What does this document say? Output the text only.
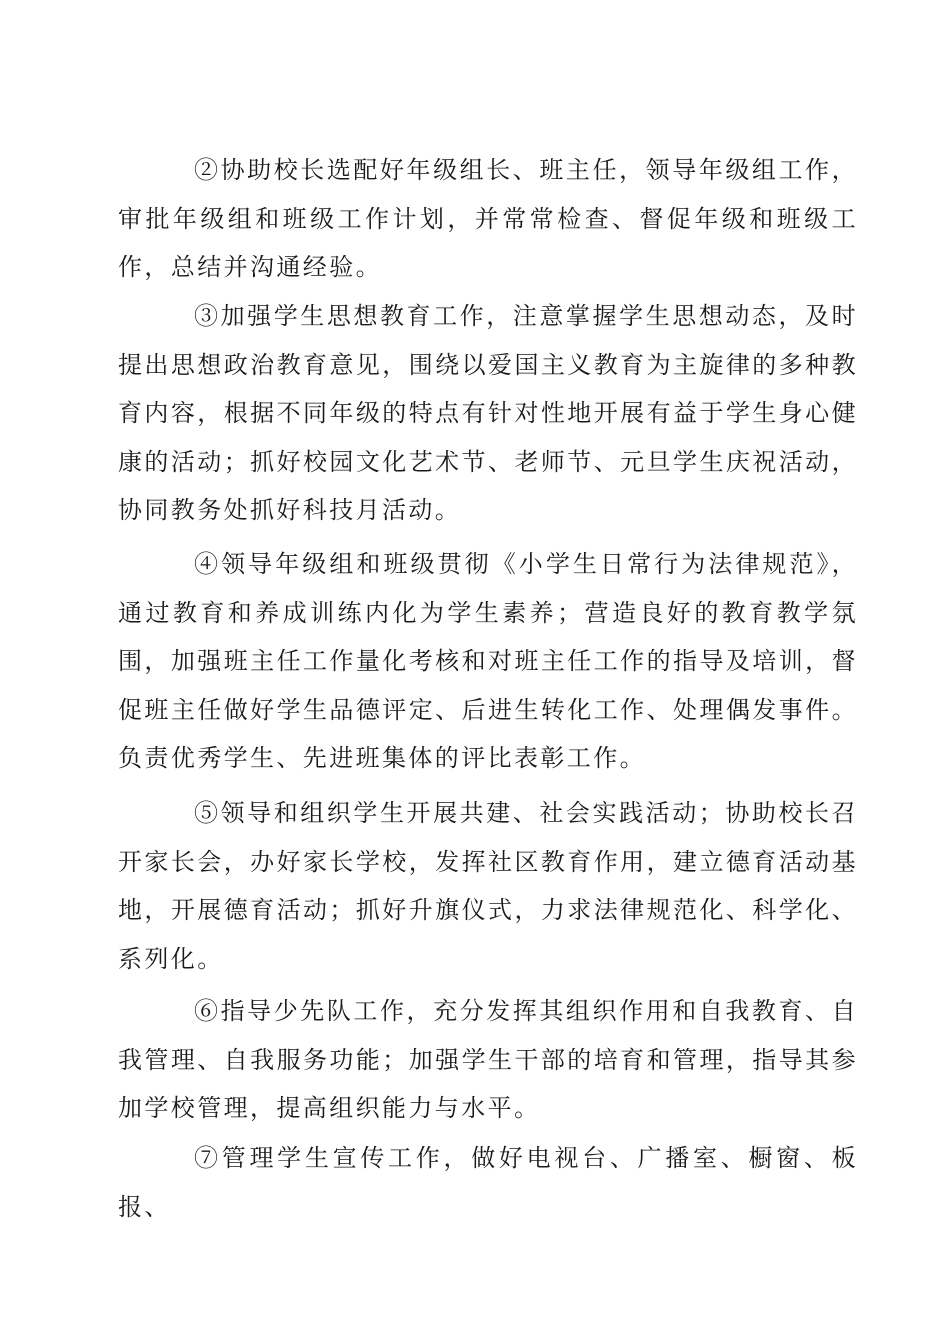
②协助校长选配好年级组长、班主任，领导年级组工作，审批年级组和班级工作计划，并常常检查、督促年级和班级工作，总结并沟通经验。

③加强学生思想教育工作，注意掌握学生思想动态，及时提出思想政治教育意见，围绕以爱国主义教育为主旋律的多种教育内容，根据不同年级的特点有针对性地开展有益于学生身心健康的活动；抓好校园文化艺术节、老师节、元旦学生庆祝活动，协同教务处抓好科技月活动。

④领导年级组和班级贯彻《小学生日常行为法律规范》，通过教育和养成训练内化为学生素养；营造良好的教育教学氛围，加强班主任工作量化考核和对班主任工作的指导及培训，督促班主任做好学生品德评定、后进生转化工作、处理偶发事件。负责优秀学生、先进班集体的评比表彰工作。

⑤领导和组织学生开展共建、社会实践活动；协助校长召开家长会，办好家长学校，发挥社区教育作用，建立德育活动基地，开展德育活动；抓好升旗仪式，力求法律规范化、科学化、系列化。

⑥指导少先队工作，充分发挥其组织作用和自我教育、自我管理、自我服务功能；加强学生干部的培育和管理，指导其参加学校管理，提高组织能力与水平。

⑦管理学生宣传工作，做好电视台、广播室、橱窗、板报、
